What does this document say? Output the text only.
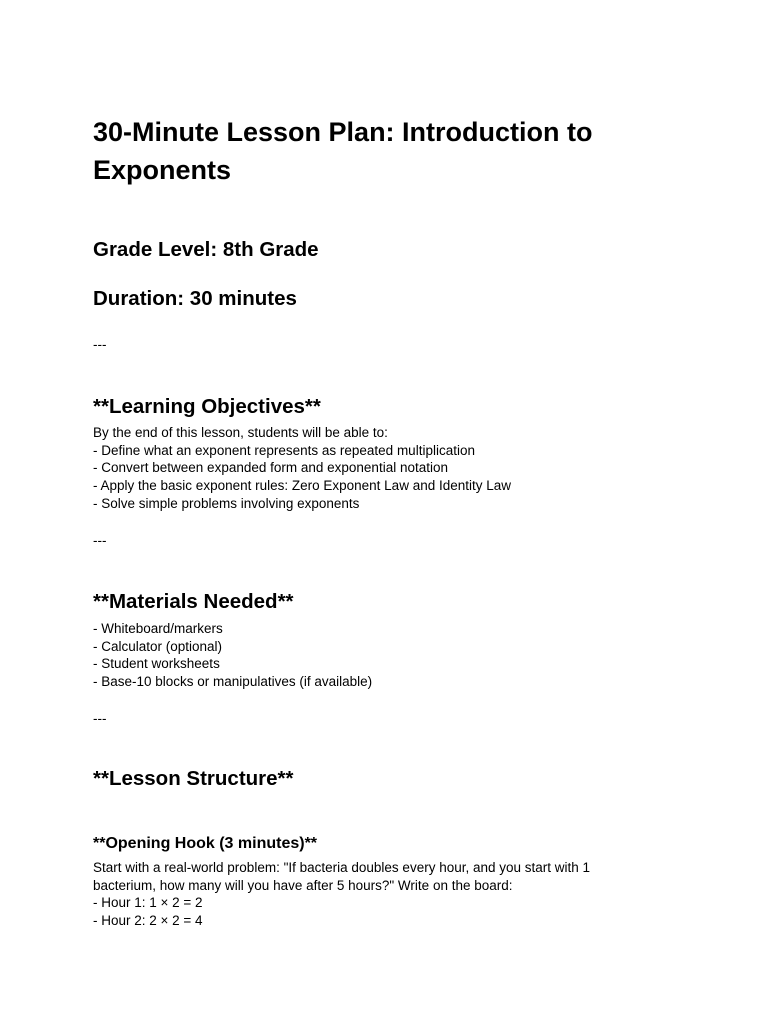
30-Minute Lesson Plan: Introduction to Exponents
Grade Level: 8th Grade
Duration: 30 minutes

---

**Learning Objectives**
By the end of this lesson, students will be able to:
- Define what an exponent represents as repeated multiplication
- Convert between expanded form and exponential notation
- Apply the basic exponent rules: Zero Exponent Law and Identity Law
- Solve simple problems involving exponents

---

**Materials Needed**
- Whiteboard/markers
- Calculator (optional)
- Student worksheets
- Base-10 blocks or manipulatives (if available)

---

**Lesson Structure**
**Opening Hook (3 minutes)**
Start with a real-world problem: "If bacteria doubles every hour, and you start with 1
bacterium, how many will you have after 5 hours?" Write on the board:
- Hour 1: 1 × 2 = 2
- Hour 2: 2 × 2 = 4
